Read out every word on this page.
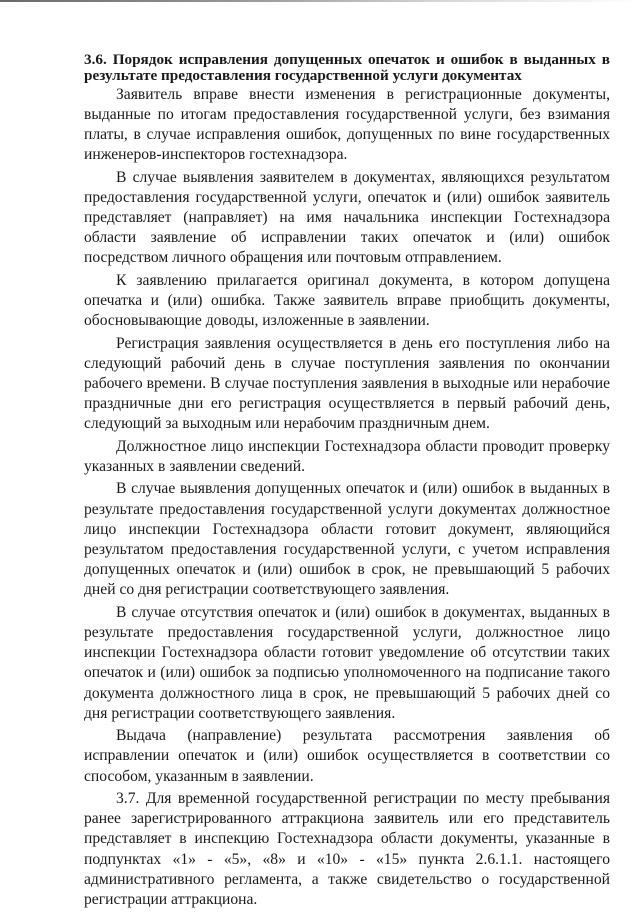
3.6. Порядок исправления допущенных опечаток и ошибок в выданных в результате предоставления государственной услуги документах

Заявитель вправе внести изменения в регистрационные документы, выданные по итогам предоставления государственной услуги, без взимания платы, в случае исправления ошибок, допущенных по вине государственных инженеров-инспекторов гостехнадзора.

В случае выявления заявителем в документах, являющихся результатом предоставления государственной услуги, опечаток и (или) ошибок заявитель представляет (направляет) на имя начальника инспекции Гостехнадзора области заявление об исправлении таких опечаток и (или) ошибок посредством личного обращения или почтовым отправлением.

К заявлению прилагается оригинал документа, в котором допущена опечатка и (или) ошибка. Также заявитель вправе приобщить документы, обосновывающие доводы, изложенные в заявлении.

Регистрация заявления осуществляется в день его поступления либо на следующий рабочий день в случае поступления заявления по окончании рабочего времени. В случае поступления заявления в выходные или нерабочие праздничные дни его регистрация осуществляется в первый рабочий день, следующий за выходным или нерабочим праздничным днем.

Должностное лицо инспекции Гостехнадзора области проводит проверку указанных в заявлении сведений.

В случае выявления допущенных опечаток и (или) ошибок в выданных в результате предоставления государственной услуги документах должностное лицо инспекции Гостехнадзора области готовит документ, являющийся результатом предоставления государственной услуги, с учетом исправления допущенных опечаток и (или) ошибок в срок, не превышающий 5 рабочих дней со дня регистрации соответствующего заявления.

В случае отсутствия опечаток и (или) ошибок в документах, выданных в результате предоставления государственной услуги, должностное лицо инспекции Гостехнадзора области готовит уведомление об отсутствии таких опечаток и (или) ошибок за подписью уполномоченного на подписание такого документа должностного лица в срок, не превышающий 5 рабочих дней со дня регистрации соответствующего заявления.

Выдача (направление) результата рассмотрения заявления об исправлении опечаток и (или) ошибок осуществляется в соответствии со способом, указанным в заявлении.

3.7. Для временной государственной регистрации по месту пребывания ранее зарегистрированного аттракциона заявитель или его представитель представляет в инспекцию Гостехнадзора области документы, указанные в подпунктах «1» - «5», «8» и «10» - «15» пункта 2.6.1.1. настоящего административного регламента, а также свидетельство о государственной регистрации аттракциона.
